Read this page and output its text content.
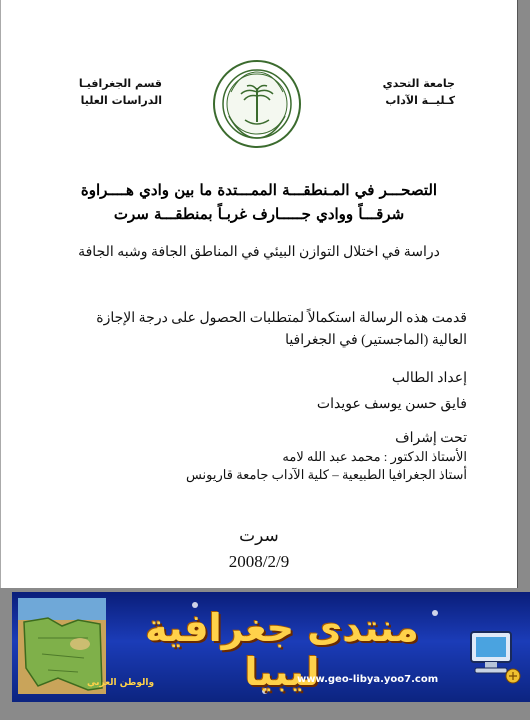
جامعة التحدي
كـليــة الآداب
قسم الجغرافيـا
الدراسات العليا
التصحـــر في المـنطقـــة الممـــتدة ما بين وادي هــــراوة
شرقـــاً ووادي جـــــارف غربـاً بمنطقـــة سرت
دراسة في اختلال التوازن البيئي في المناطق الجافة وشبه الجافة
قدمت هذه الرسالة استكمالاً لمتطلبات الحصول على درجة الإجازة
العالية (الماجستير) في الجغرافيا
إعداد الطالب
فايق حسن يوسف عويدات
تحت إشراف
الأستاذ الدكتور : محمد عبد الله لامه
أستاذ الجغرافيا الطبيعية – كلية الآداب جامعة قاريونس
سرت
2008/2/9
منتدى جغرافية ليبيا
www.geo-libya.yoo7.com
والوطن العربي
